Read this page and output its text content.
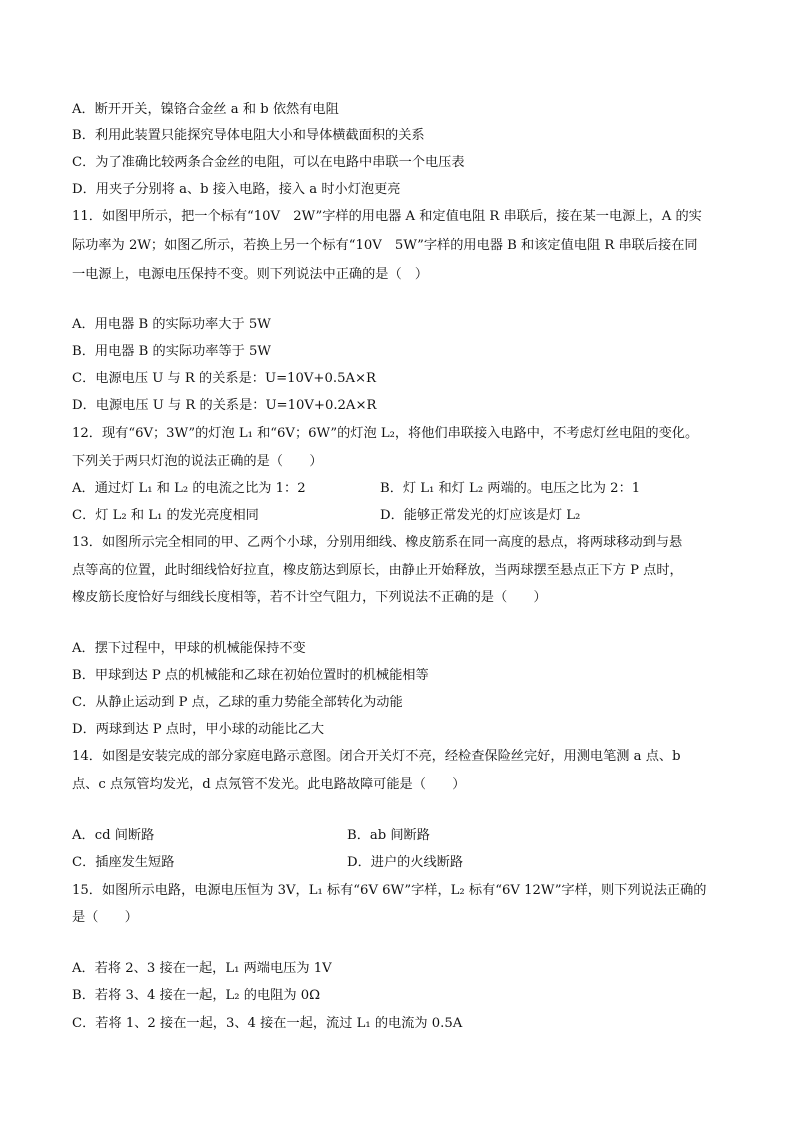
A．断开开关，镍铬合金丝 a 和 b 依然有电阻
B．利用此装置只能探究导体电阻大小和导体横截面积的关系
C．为了准确比较两条合金丝的电阻，可以在电路中串联一个电压表
D．用夹子分别将 a、b 接入电路，接入 a 时小灯泡更亮
11．如图甲所示，把一个标有“10V　2W”字样的用电器 A 和定值电阻 R 串联后，接在某一电源上，A 的实
际功率为 2W；如图乙所示，若换上另一个标有“10V　5W”字样的用电器 B 和该定值电阻 R 串联后接在同
一电源上，电源电压保持不变。则下列说法中正确的是（　）
A．用电器 B 的实际功率大于 5W
B．用电器 B 的实际功率等于 5W
C．电源电压 U 与 R 的关系是：U=10V+0.5A×R
D．电源电压 U 与 R 的关系是：U=10V+0.2A×R
12．现有“6V；3W”的灯泡 L₁ 和“6V；6W”的灯泡 L₂，将他们串联接入电路中，不考虑灯丝电阻的变化。
下列关于两只灯泡的说法正确的是（　　）
A．通过灯 L₁ 和 L₂ 的电流之比为 1：2	B．灯 L₁ 和灯 L₂ 两端的。电压之比为 2：1
C．灯 L₂ 和 L₁ 的发光亮度相同	D．能够正常发光的灯应该是灯 L₂
13．如图所示完全相同的甲、乙两个小球，分别用细线、橡皮筋系在同一高度的悬点，将两球移动到与悬
点等高的位置，此时细线恰好拉直，橡皮筋达到原长，由静止开始释放，当两球摆至悬点正下方 P 点时，
橡皮筋长度恰好与细线长度相等，若不计空气阻力，下列说法不正确的是（　　）
A．摆下过程中，甲球的机械能保持不变
B．甲球到达 P 点的机械能和乙球在初始位置时的机械能相等
C．从静止运动到 P 点，乙球的重力势能全部转化为动能
D．两球到达 P 点时，甲小球的动能比乙大
14．如图是安装完成的部分家庭电路示意图。闭合开关灯不亮，经检查保险丝完好，用测电笔测 a 点、b
点、c 点氖管均发光，d 点氖管不发光。此电路故障可能是（　　）
A．cd 间断路	B．ab 间断路
C．插座发生短路	D．进户的火线断路
15．如图所示电路，电源电压恒为 3V，L₁ 标有“6V 6W”字样，L₂ 标有“6V 12W”字样，则下列说法正确的
是（　　）
A．若将 2、3 接在一起，L₁ 两端电压为 1V
B．若将 3、4 接在一起，L₂ 的电阻为 0Ω
C．若将 1、2 接在一起，3、4 接在一起，流过 L₁ 的电流为 0.5A
